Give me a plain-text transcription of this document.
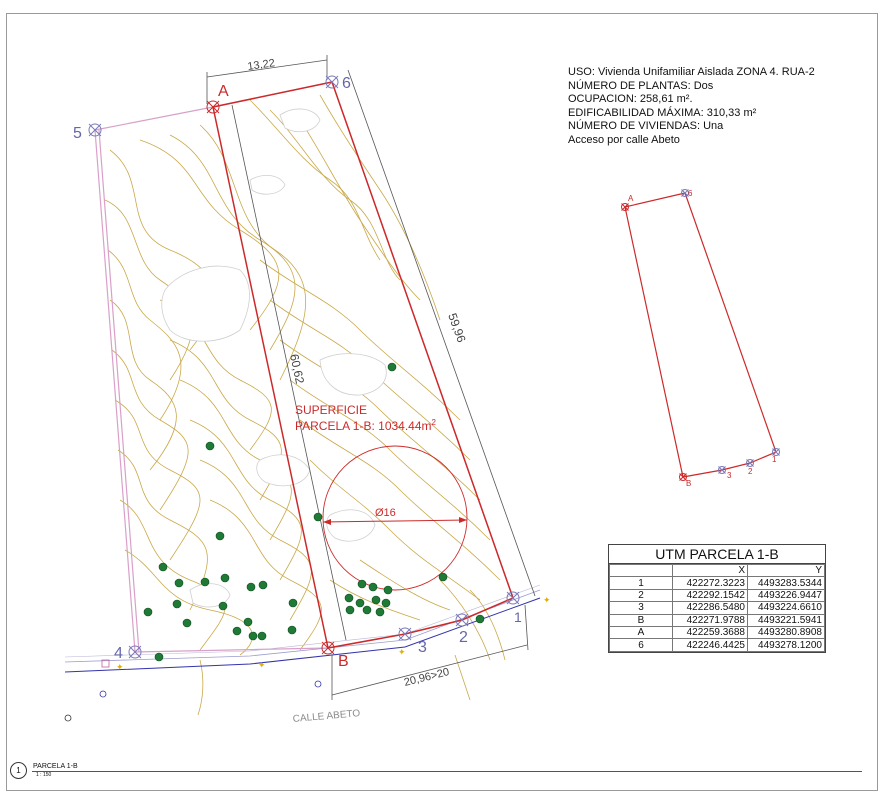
A
B
1
2
3
4
5
6
13,22
59,96
60,62
20,96>20
Ø16
SUPERFICIE
PARCELA 1-B: $1034.44m^2$
CALLE ABETO
✦	✦
✦
✦
A
6
B
3 2
1
USO: Vivienda Unifamiliar Aislada ZONA 4. RUA-2
NÚMERO DE PLANTAS: Dos
OCUPACION: 258,61 m².
EDIFICABILIDAD MÁXIMA: 310,33 m²
NÚMERO DE VIVIENDAS: Una
Acceso por calle Abeto
UTM PARCELA 1-B
	X	Y
1	422272.3223	4493283.5344
2	422292.1542	4493226.9447
3	422286.5480	4493224.6610
B	422271.9788	4493221.5941
A	422259.3688	4493280.8908
6	422246.4425	4493278.1200
1	PARCELA 1-B
1 : 150
